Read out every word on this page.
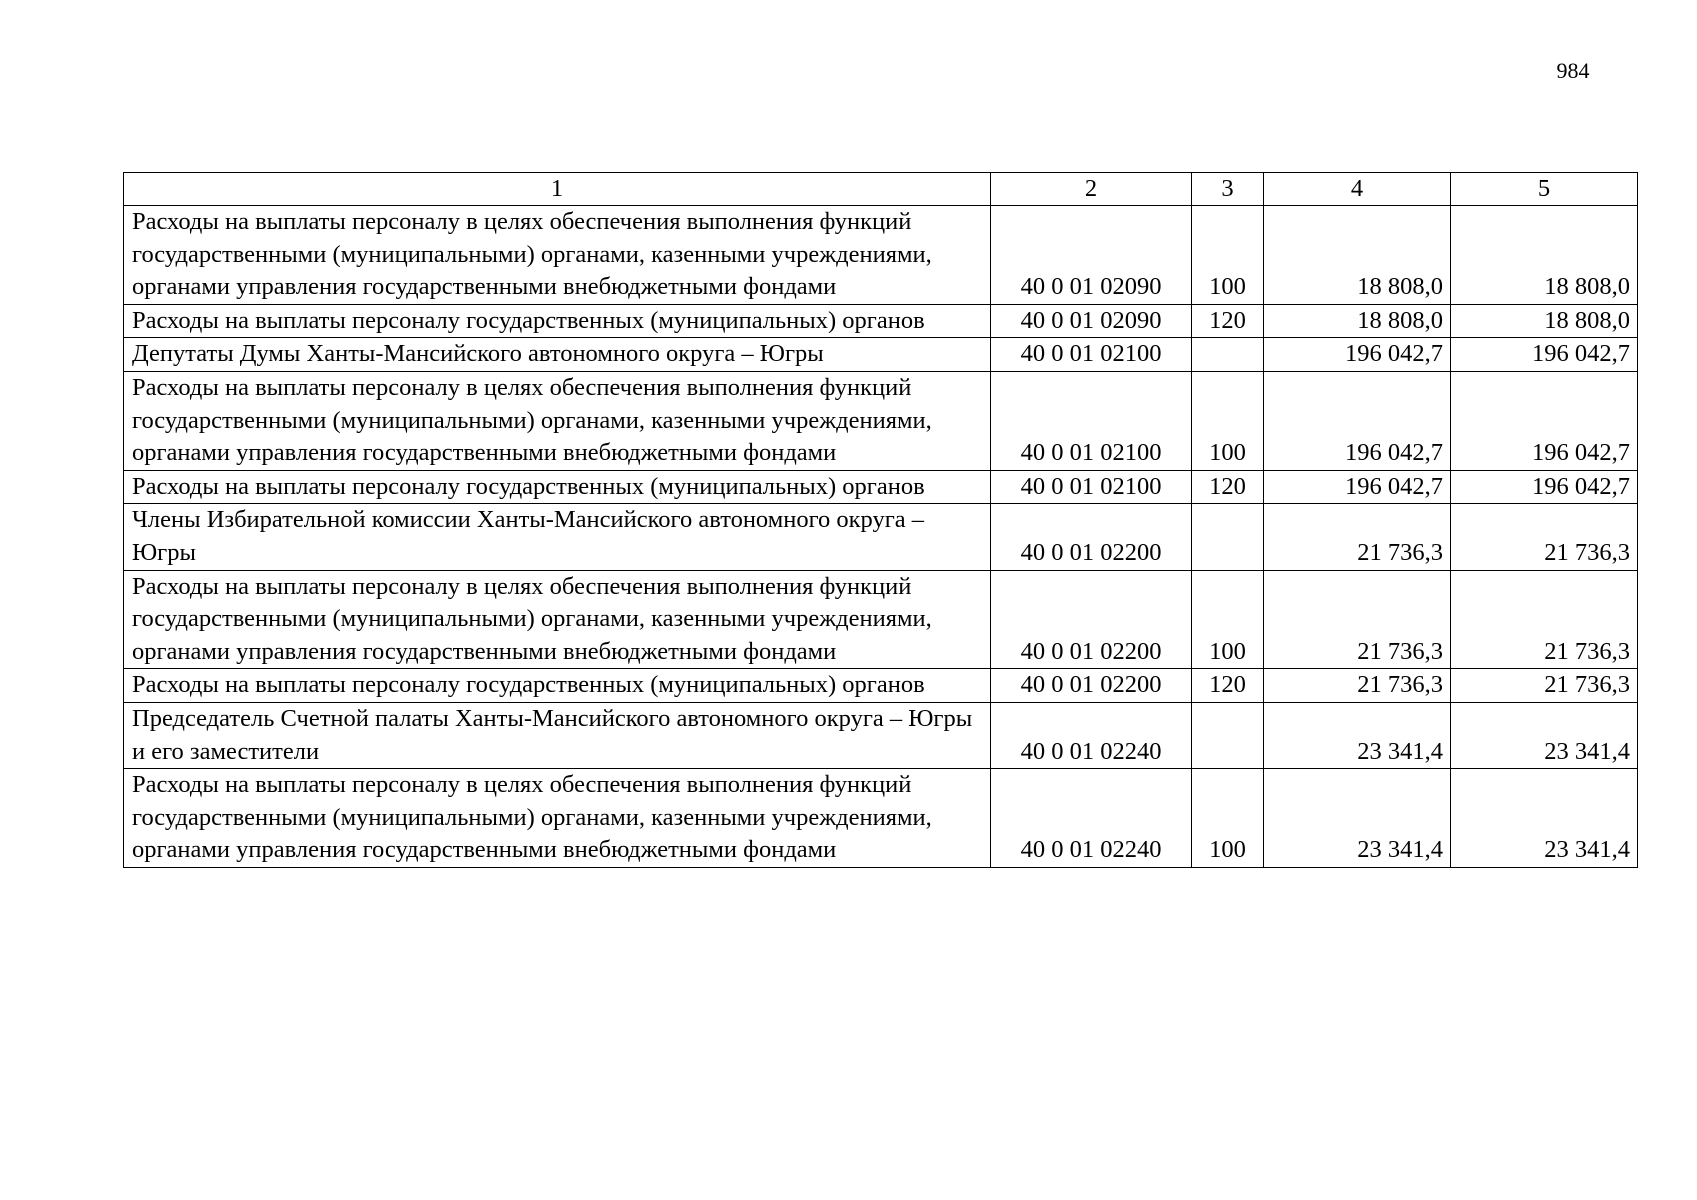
984
1	2	3	4	5
Расходы на выплаты персоналу в целях обеспечения выполнения функций государственными (муниципальными) органами, казенными учреждениями, органами управления государственными внебюджетными фондами	40 0 01 02090	100	18 808,0	18 808,0
Расходы на выплаты персоналу государственных (муниципальных) органов	40 0 01 02090	120	18 808,0	18 808,0
Депутаты Думы Ханты-Мансийского автономного округа – Югры	40 0 01 02100		196 042,7	196 042,7
Расходы на выплаты персоналу в целях обеспечения выполнения функций государственными (муниципальными) органами, казенными учреждениями, органами управления государственными внебюджетными фондами	40 0 01 02100	100	196 042,7	196 042,7
Расходы на выплаты персоналу государственных (муниципальных) органов	40 0 01 02100	120	196 042,7	196 042,7
Члены Избирательной комиссии Ханты-Мансийского автономного округа – Югры	40 0 01 02200		21 736,3	21 736,3
Расходы на выплаты персоналу в целях обеспечения выполнения функций государственными (муниципальными) органами, казенными учреждениями, органами управления государственными внебюджетными фондами	40 0 01 02200	100	21 736,3	21 736,3
Расходы на выплаты персоналу государственных (муниципальных) органов	40 0 01 02200	120	21 736,3	21 736,3
Председатель Счетной палаты Ханты-Мансийского автономного округа – Югры и его заместители	40 0 01 02240		23 341,4	23 341,4
Расходы на выплаты персоналу в целях обеспечения выполнения функций государственными (муниципальными) органами, казенными учреждениями, органами управления государственными внебюджетными фондами	40 0 01 02240	100	23 341,4	23 341,4
